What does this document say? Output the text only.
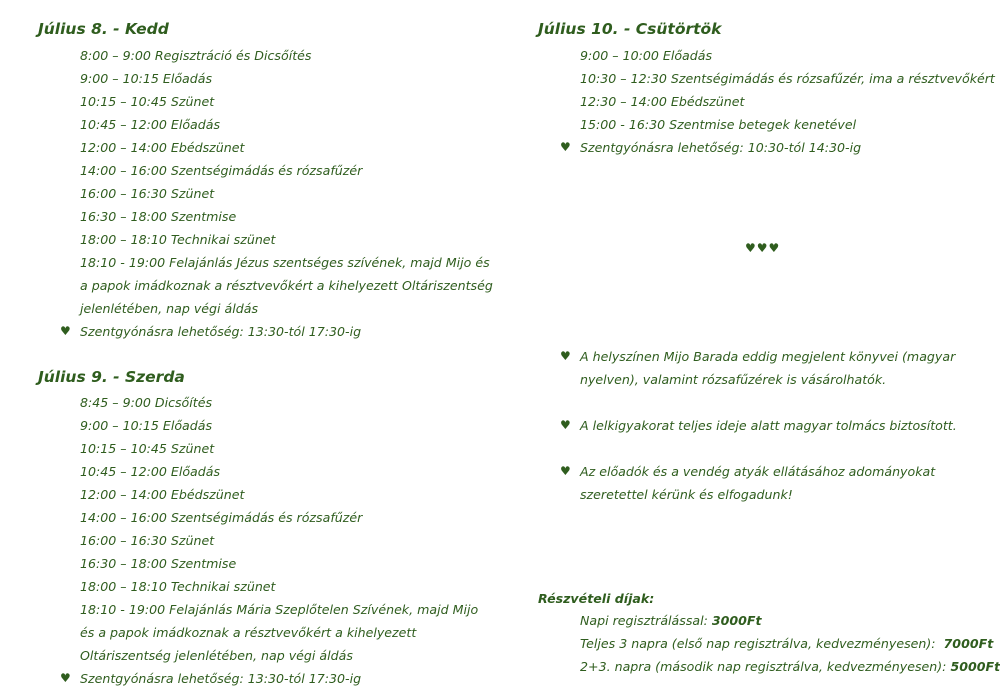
Július 8. - Kedd
8:00 – 9:00 Regisztráció és Dicsőítés
9:00 – 10:15 Előadás
10:15 – 10:45 Szünet
10:45 – 12:00 Előadás
12:00 – 14:00 Ebédszünet
14:00 – 16:00 Szentségimádás és rózsafűzér
16:00 – 16:30 Szünet
16:30 – 18:00 Szentmise
18:00 – 18:10 Technikai szünet
18:10 - 19:00 Felajánlás Jézus szentséges szívének, majd Mijo és
a papok imádkoznak a résztvevőkért a kihelyezett Oltáriszentség
jelenlétében, nap végi áldás
♥ Szentgyónásra lehetőség: 13:30-tól 17:30-ig
Július 9. - Szerda
8:45 – 9:00 Dicsőítés
9:00 – 10:15 Előadás
10:15 – 10:45 Szünet
10:45 – 12:00 Előadás
12:00 – 14:00 Ebédszünet
14:00 – 16:00 Szentségimádás és rózsafűzér
16:00 – 16:30 Szünet
16:30 – 18:00 Szentmise
18:00 – 18:10 Technikai szünet
18:10 - 19:00 Felajánlás Mária Szeplőtelen Szívének, majd Mijo
és a papok imádkoznak a résztvevőkért a kihelyezett
Oltáriszentség jelenlétében, nap végi áldás
♥ Szentgyónásra lehetőség: 13:30-tól 17:30-ig
Július 10. - Csütörtök
9:00 – 10:00 Előadás
10:30 – 12:30 Szentségimádás és rózsafűzér, ima a résztvevőkért
12:30 – 14:00 Ebédszünet
15:00 - 16:30 Szentmise betegek kenetével
♥ Szentgyónásra lehetőség: 10:30-tól 14:30-ig
♥♥♥
♥ A helyszínen Mijo Barada eddig megjelent könyvei (magyar
nyelven), valamint rózsafűzérek is vásárolhatók.
♥ A lelkigyakorat teljes ideje alatt magyar tolmács biztosított.
♥ Az előadók és a vendég atyák ellátásához adományokat
szeretettel kérünk és elfogadunk!
Részvételi díjak:
Napi regisztrálással: 3000Ft
Teljes 3 napra (első nap regisztrálva, kedvezményesen): 7000Ft
2+3. napra (második nap regisztrálva, kedvezményesen): 5000Ft
